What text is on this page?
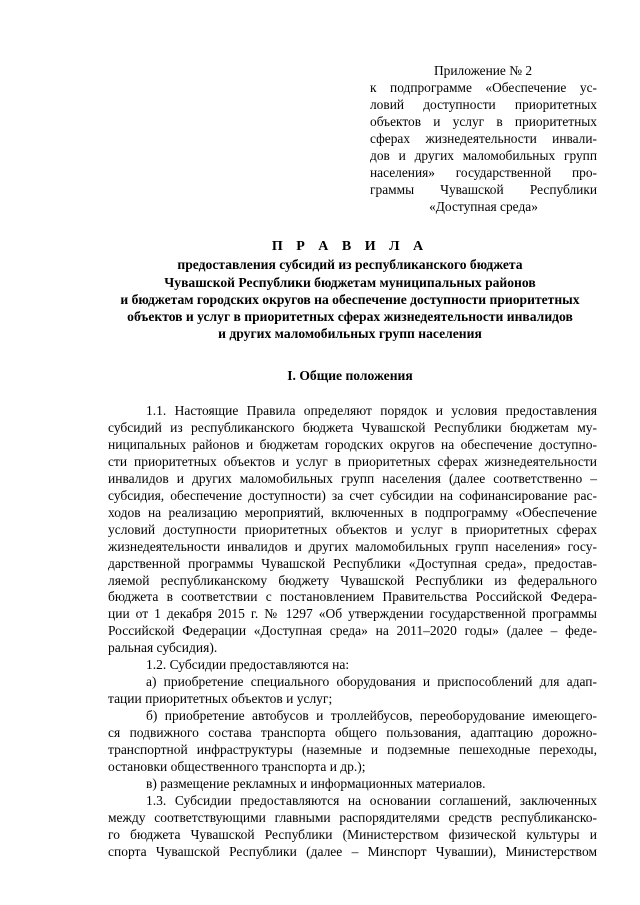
Приложение № 2
к подпрограмме «Обеспечение ус-
ловий доступности приоритетных
объектов и услуг в приоритетных
сферах жизнедеятельности инвали-
дов и других маломобильных групп
населения» государственной про-
граммы Чувашской Республики
«Доступная среда»
П Р А В И Л А
предоставления субсидий из республиканского бюджета
Чувашской Республики бюджетам муниципальных районов
и бюджетам городских округов на обеспечение доступности приоритетных
объектов и услуг в приоритетных сферах жизнедеятельности инвалидов
и других маломобильных групп населения
I. Общие положения
1.1. Настоящие Правила определяют порядок и условия предоставления
субсидий из республиканского бюджета Чувашской Республики бюджетам му-
ниципальных районов и бюджетам городских округов на обеспечение доступно-
сти приоритетных объектов и услуг в приоритетных сферах жизнедеятельности
инвалидов и других маломобильных групп населения (далее соответственно –
субсидия, обеспечение доступности) за счет субсидии на софинансирование рас-
ходов на реализацию мероприятий, включенных в подпрограмму «Обеспечение
условий доступности приоритетных объектов и услуг в приоритетных сферах
жизнедеятельности инвалидов и других маломобильных групп населения» госу-
дарственной программы Чувашской Республики «Доступная среда», предостав-
ляемой республиканскому бюджету Чувашской Республики из федерального
бюджета в соответствии с постановлением Правительства Российской Федера-
ции от 1 декабря 2015 г. № 1297 «Об утверждении государственной программы
Российской Федерации «Доступная среда» на 2011–2020 годы» (далее – феде-
ральная субсидия).
1.2. Субсидии предоставляются на:
а) приобретение специального оборудования и приспособлений для адап-
тации приоритетных объектов и услуг;
б) приобретение автобусов и троллейбусов, переоборудование имеющего-
ся подвижного состава транспорта общего пользования, адаптацию дорожно-
транспортной инфраструктуры (наземные и подземные пешеходные переходы,
остановки общественного транспорта и др.);
в) размещение рекламных и информационных материалов.
1.3. Субсидии предоставляются на основании соглашений, заключенных
между соответствующими главными распорядителями средств республиканско-
го бюджета Чувашской Республики (Министерством физической культуры и
спорта Чувашской Республики (далее – Минспорт Чувашии), Министерством
